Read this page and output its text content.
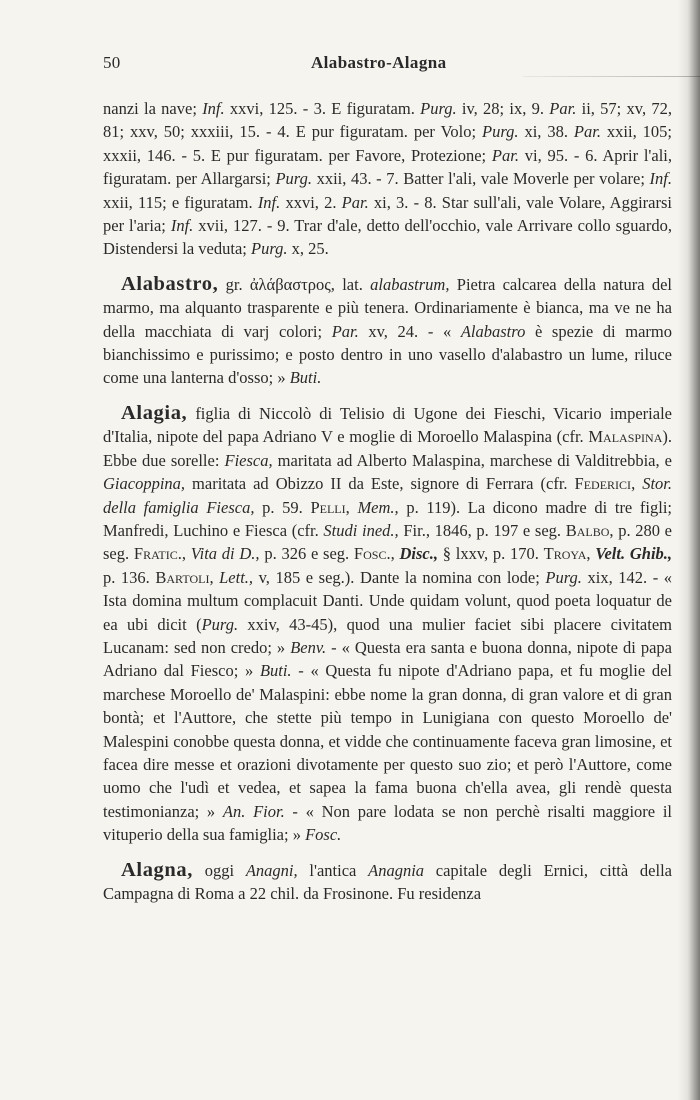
50	Alabastro-Alagna

nanzi la nave; Inf. xxvi, 125. - 3. E figuratam. Purg. iv, 28; ix, 9. Par. ii, 57; xv, 72, 81; xxv, 50; xxxiii, 15. - 4. E pur figuratam. per Volo; Purg. xi, 38. Par. xxii, 105; xxxii, 146. - 5. E pur figuratam. per Favore, Protezione; Par. vi, 95. - 6. Aprir l'ali, figuratam. per Allargarsi; Purg. xxii, 43. - 7. Batter l'ali, vale Moverle per volare; Inf. xxii, 115; e figuratam. Inf. xxvi, 2. Par. xi, 3. - 8. Star sull'ali, vale Volare, Aggirarsi per l'aria; Inf. xvii, 127. - 9. Trar d'ale, detto dell'occhio, vale Arrivare collo sguardo, Distendersi la veduta; Purg. x, 25.

Alabastro, gr. ἀλάβαστρος, lat. alabastrum, Pietra calcarea della natura del marmo, ma alquanto trasparente e più tenera. Ordinariamente è bianca, ma ve ne ha della macchiata di varj colori; Par. xv, 24. - « Alabastro è spezie di marmo bianchissimo e purissimo; e posto dentro in uno vasello d'alabastro un lume, riluce come una lanterna d'osso; » Buti.

Alagia, figlia di Niccolò di Telisio di Ugone dei Fieschi, Vicario imperiale d'Italia, nipote del papa Adriano V e moglie di Moroello Malaspina (cfr. Malaspina). Ebbe due sorelle: Fiesca, maritata ad Alberto Malaspina, marchese di Valditrebbia, e Giacoppina, maritata ad Obizzo II da Este, signore di Ferrara (cfr. Federici, Stor. della famiglia Fiesca, p. 59. Pelli, Mem., p. 119). La dicono madre di tre figli; Manfredi, Luchino e Fiesca (cfr. Studi ined., Fir., 1846, p. 197 e seg. Balbo, p. 280 e seg. Fratic., Vita di D., p. 326 e seg. Fosc., Disc., § lxxv, p. 170. Troya, Velt. Ghib., p. 136. Bartoli, Lett., v, 185 e seg.). Dante la nomina con lode; Purg. xix, 142. - « Ista domina multum complacuit Danti. Unde quidam volunt, quod poeta loquatur de ea ubi dicit (Purg. xxiv, 43-45), quod una mulier faciet sibi placere civitatem Lucanam: sed non credo; » Benv. - « Questa era santa e buona donna, nipote di papa Adriano dal Fiesco; » Buti. - « Questa fu nipote d'Adriano papa, et fu moglie del marchese Moroello de' Malaspini: ebbe nome la gran donna, di gran valore et di gran bontà; et l'Auttore, che stette più tempo in Lunigiana con questo Moroello de' Malespini conobbe questa donna, et vidde che continuamente faceva gran limosine, et facea dire messe et orazioni divotamente per questo suo zio; et però l'Auttore, come uomo che l'udì et vedea, et sapea la fama buona ch'ella avea, gli rendè questa testimonianza; » An. Fior. - « Non pare lodata se non perchè risalti maggiore il vituperio della sua famiglia; » Fosc.

Alagna, oggi Anagni, l'antica Anagnia capitale degli Ernici, città della Campagna di Roma a 22 chil. da Frosinone. Fu residenza
